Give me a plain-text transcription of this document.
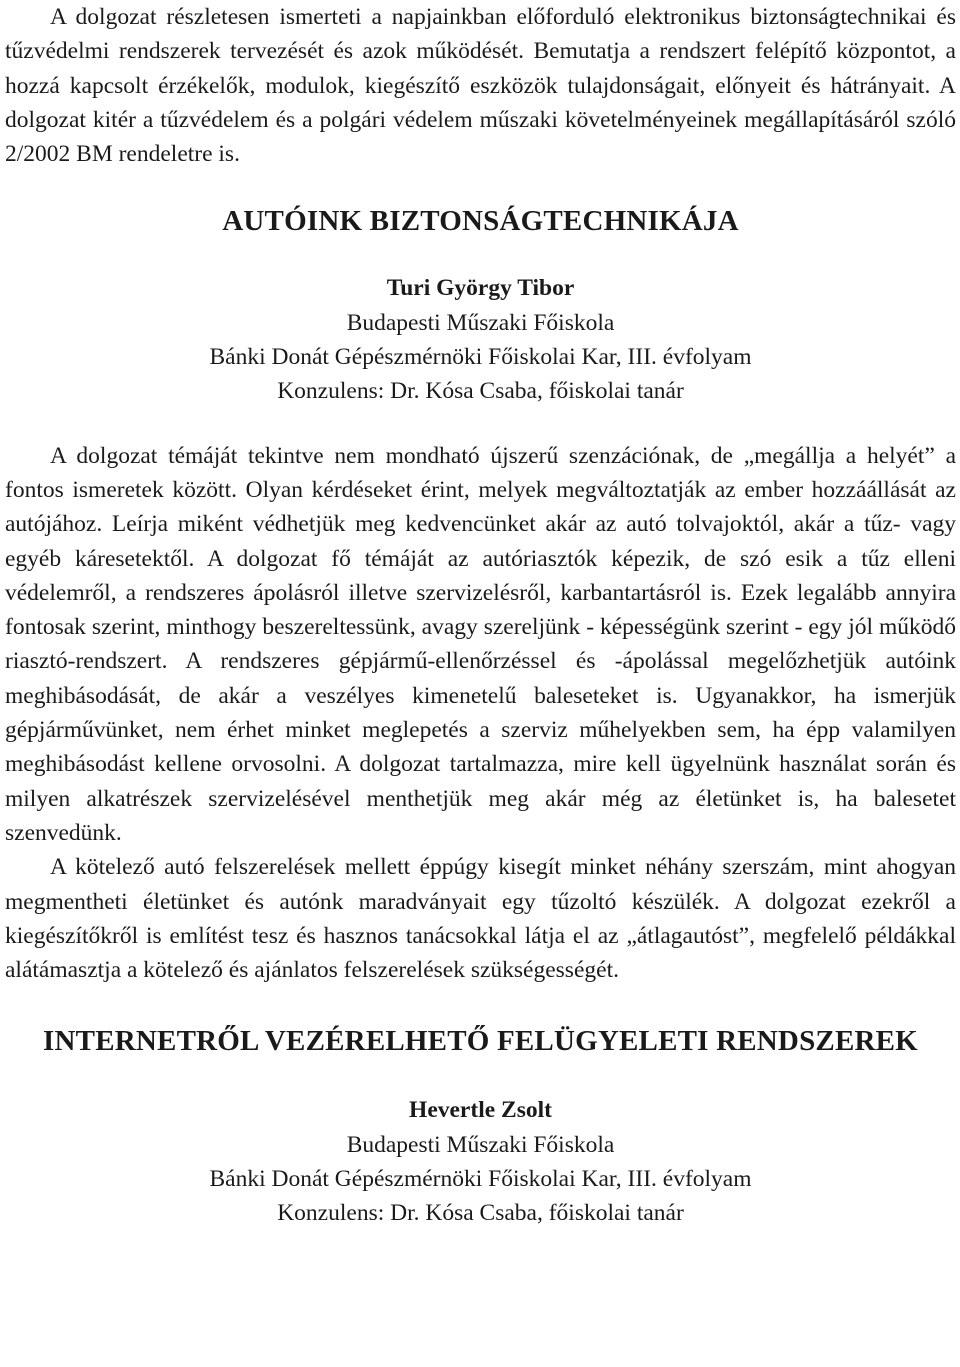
A dolgozat részletesen ismerteti a napjainkban előforduló elektronikus biztonságtechnikai és tűzvédelmi rendszerek tervezését és azok működését. Bemutatja a rendszert felépítő központot, a hozzá kapcsolt érzékelők, modulok, kiegészítő eszközök tulajdonságait, előnyeit és hátrányait. A dolgozat kitér a tűzvédelem és a polgári védelem műszaki követelményeinek megállapításáról szóló 2/2002 BM rendeletre is.

AUTÓINK BIZTONSÁGTECHNIKÁJA
Turi György Tibor
Budapesti Műszaki Főiskola
Bánki Donát Gépészmérnöki Főiskolai Kar, III. évfolyam
Konzulens: Dr. Kósa Csaba, főiskolai tanár

A dolgozat témáját tekintve nem mondható újszerű szenzációnak, de „megállja a helyét” a fontos ismeretek között. Olyan kérdéseket érint, melyek megváltoztatják az ember hozzáállását az autójához. Leírja miként védhetjük meg kedvencünket akár az autó tolvajoktól, akár a tűz- vagy egyéb káresetektől. A dolgozat fő témáját az autóriasztók képezik, de szó esik a tűz elleni védelemről, a rendszeres ápolásról illetve szervizelésről, karbantartásról is. Ezek legalább annyira fontosak szerint, minthogy beszereltessünk, avagy szereljünk - képességünk szerint - egy jól működő riasztó-rendszert. A rendszeres gépjármű-ellenőrzéssel és -ápolással megelőzhetjük autóink meghibásodását, de akár a veszélyes kimenetelű baleseteket is. Ugyanakkor, ha ismerjük gépjárművünket, nem érhet minket meglepetés a szerviz műhelyekben sem, ha épp valamilyen meghibásodást kellene orvosolni. A dolgozat tartalmazza, mire kell ügyelnünk használat során és milyen alkatrészek szervizelésével menthetjük meg akár még az életünket is, ha balesetet szenvedünk.

A kötelező autó felszerelések mellett éppúgy kisegít minket néhány szerszám, mint ahogyan megmentheti életünket és autónk maradványait egy tűzoltó készülék. A dolgozat ezekről a kiegészítőkről is említést tesz és hasznos tanácsokkal látja el az „átlagautóst”, megfelelő példákkal alátámasztja a kötelező és ajánlatos felszerelések szükségességét.

INTERNETRŐL VEZÉRELHETŐ FELÜGYELETI RENDSZEREK
Hevertle Zsolt
Budapesti Műszaki Főiskola
Bánki Donát Gépészmérnöki Főiskolai Kar, III. évfolyam
Konzulens: Dr. Kósa Csaba, főiskolai tanár
